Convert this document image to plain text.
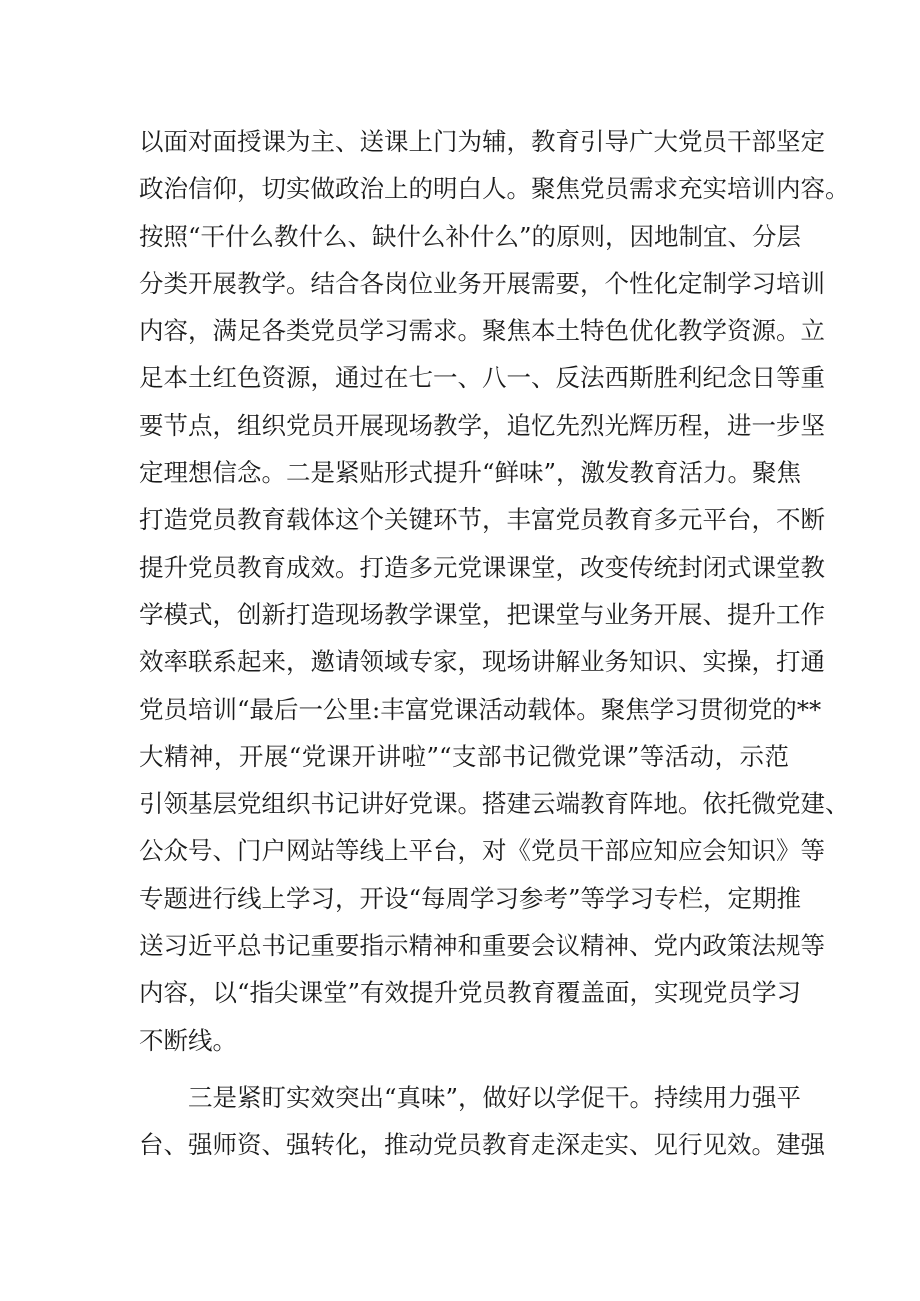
以面对面授课为主、送课上门为辅，教育引导广大党员干部坚定
政治信仰，切实做政治上的明白人。聚焦党员需求充实培训内容。
按照“干什么教什么、缺什么补什么”的原则，因地制宜、分层
分类开展教学。结合各岗位业务开展需要，个性化定制学习培训
内容，满足各类党员学习需求。聚焦本土特色优化教学资源。立
足本土红色资源，通过在七一、八一、反法西斯胜利纪念日等重
要节点，组织党员开展现场教学，追忆先烈光辉历程，进一步坚
定理想信念。二是紧贴形式提升“鲜味”，激发教育活力。聚焦
打造党员教育载体这个关键环节，丰富党员教育多元平台，不断
提升党员教育成效。打造多元党课课堂，改变传统封闭式课堂教
学模式，创新打造现场教学课堂，把课堂与业务开展、提升工作
效率联系起来，邀请领域专家，现场讲解业务知识、实操，打通
党员培训“最后一公里:丰富党课活动载体。聚焦学习贯彻党的**
大精神，开展“党课开讲啦”“支部书记微党课”等活动，示范
引领基层党组织书记讲好党课。搭建云端教育阵地。依托微党建、
公众号、门户网站等线上平台，对《党员干部应知应会知识》等
专题进行线上学习，开设“每周学习参考”等学习专栏，定期推
送习近平总书记重要指示精神和重要会议精神、党内政策法规等
内容，以“指尖课堂”有效提升党员教育覆盖面，实现党员学习
不断线。
三是紧盯实效突出“真味”，做好以学促干。持续用力强平
台、强师资、强转化，推动党员教育走深走实、见行见效。建强
